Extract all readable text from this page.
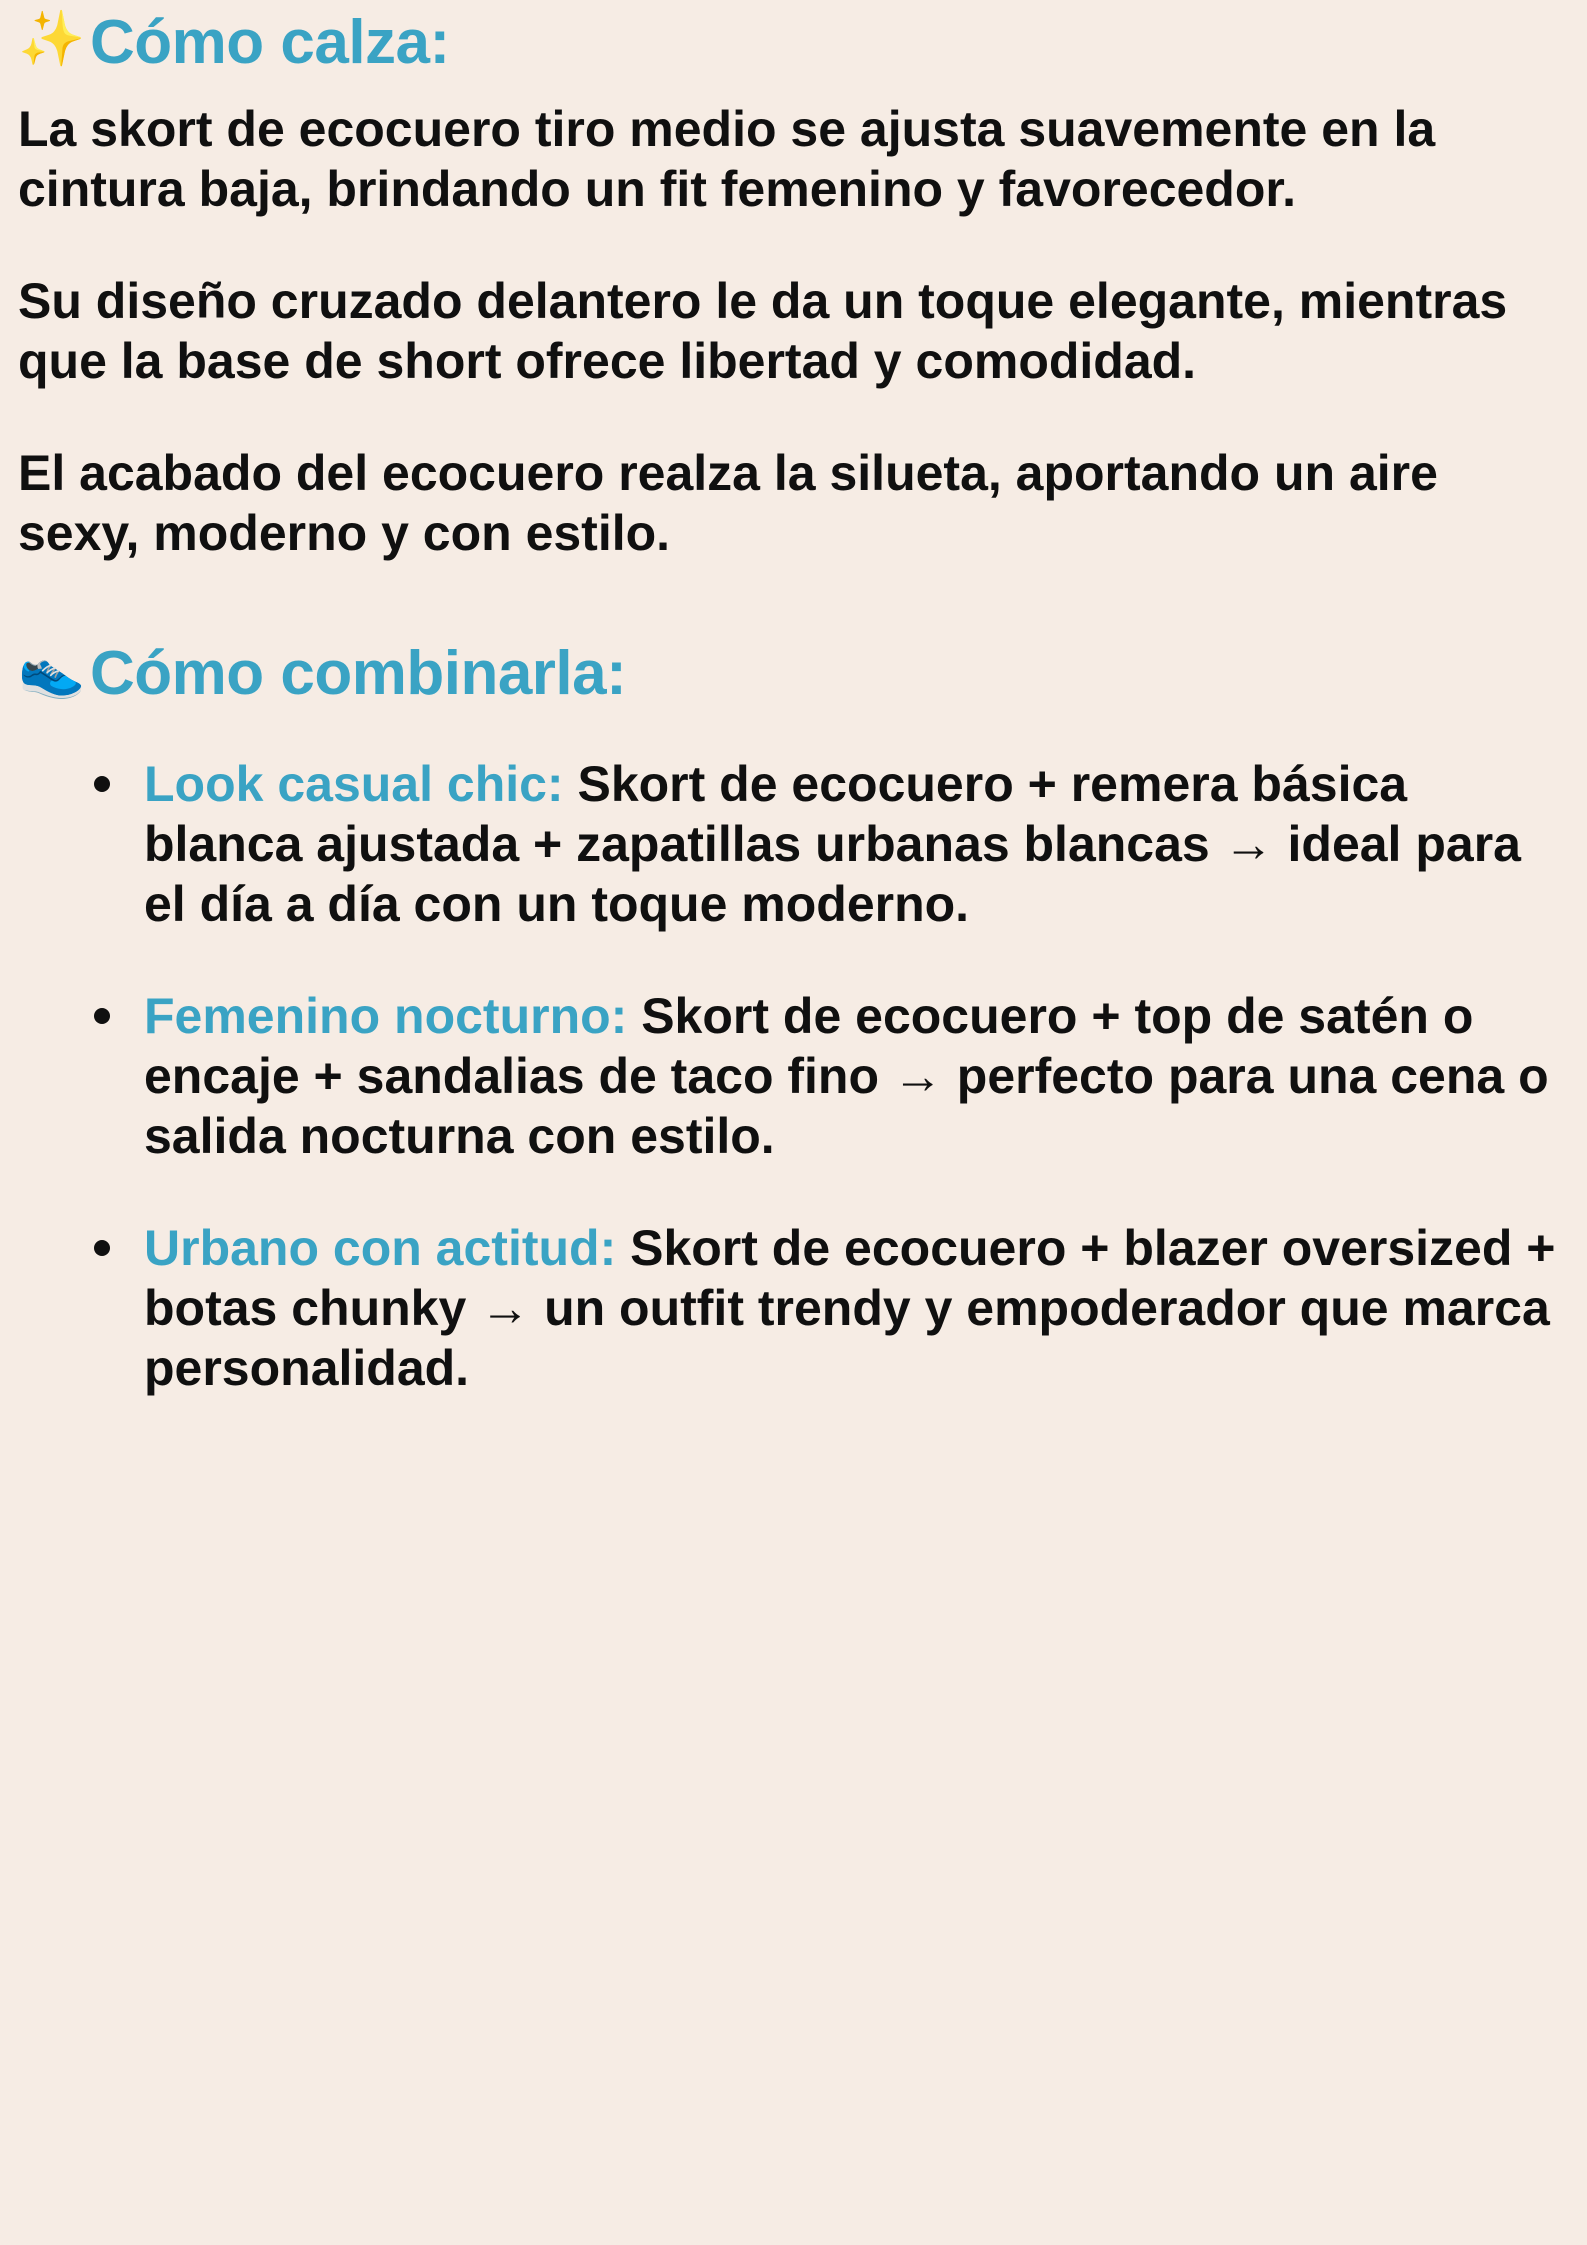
✨ Cómo calza:

La skort de ecocuero tiro medio se ajusta suavemente en la cintura baja, brindando un fit femenino y favorecedor.

Su diseño cruzado delantero le da un toque elegante, mientras que la base de short ofrece libertad y comodidad.

El acabado del ecocuero realza la silueta, aportando un aire sexy, moderno y con estilo.

👟 Cómo combinarla:
Look casual chic: Skort de ecocuero + remera básica blanca ajustada + zapatillas urbanas blancas → ideal para el día a día con un toque moderno.
Femenino nocturno: Skort de ecocuero + top de satén o encaje + sandalias de taco fino → perfecto para una cena o salida nocturna con estilo.
Urbano con actitud: Skort de ecocuero + blazer oversized + botas chunky → un outfit trendy y empoderador que marca personalidad.
